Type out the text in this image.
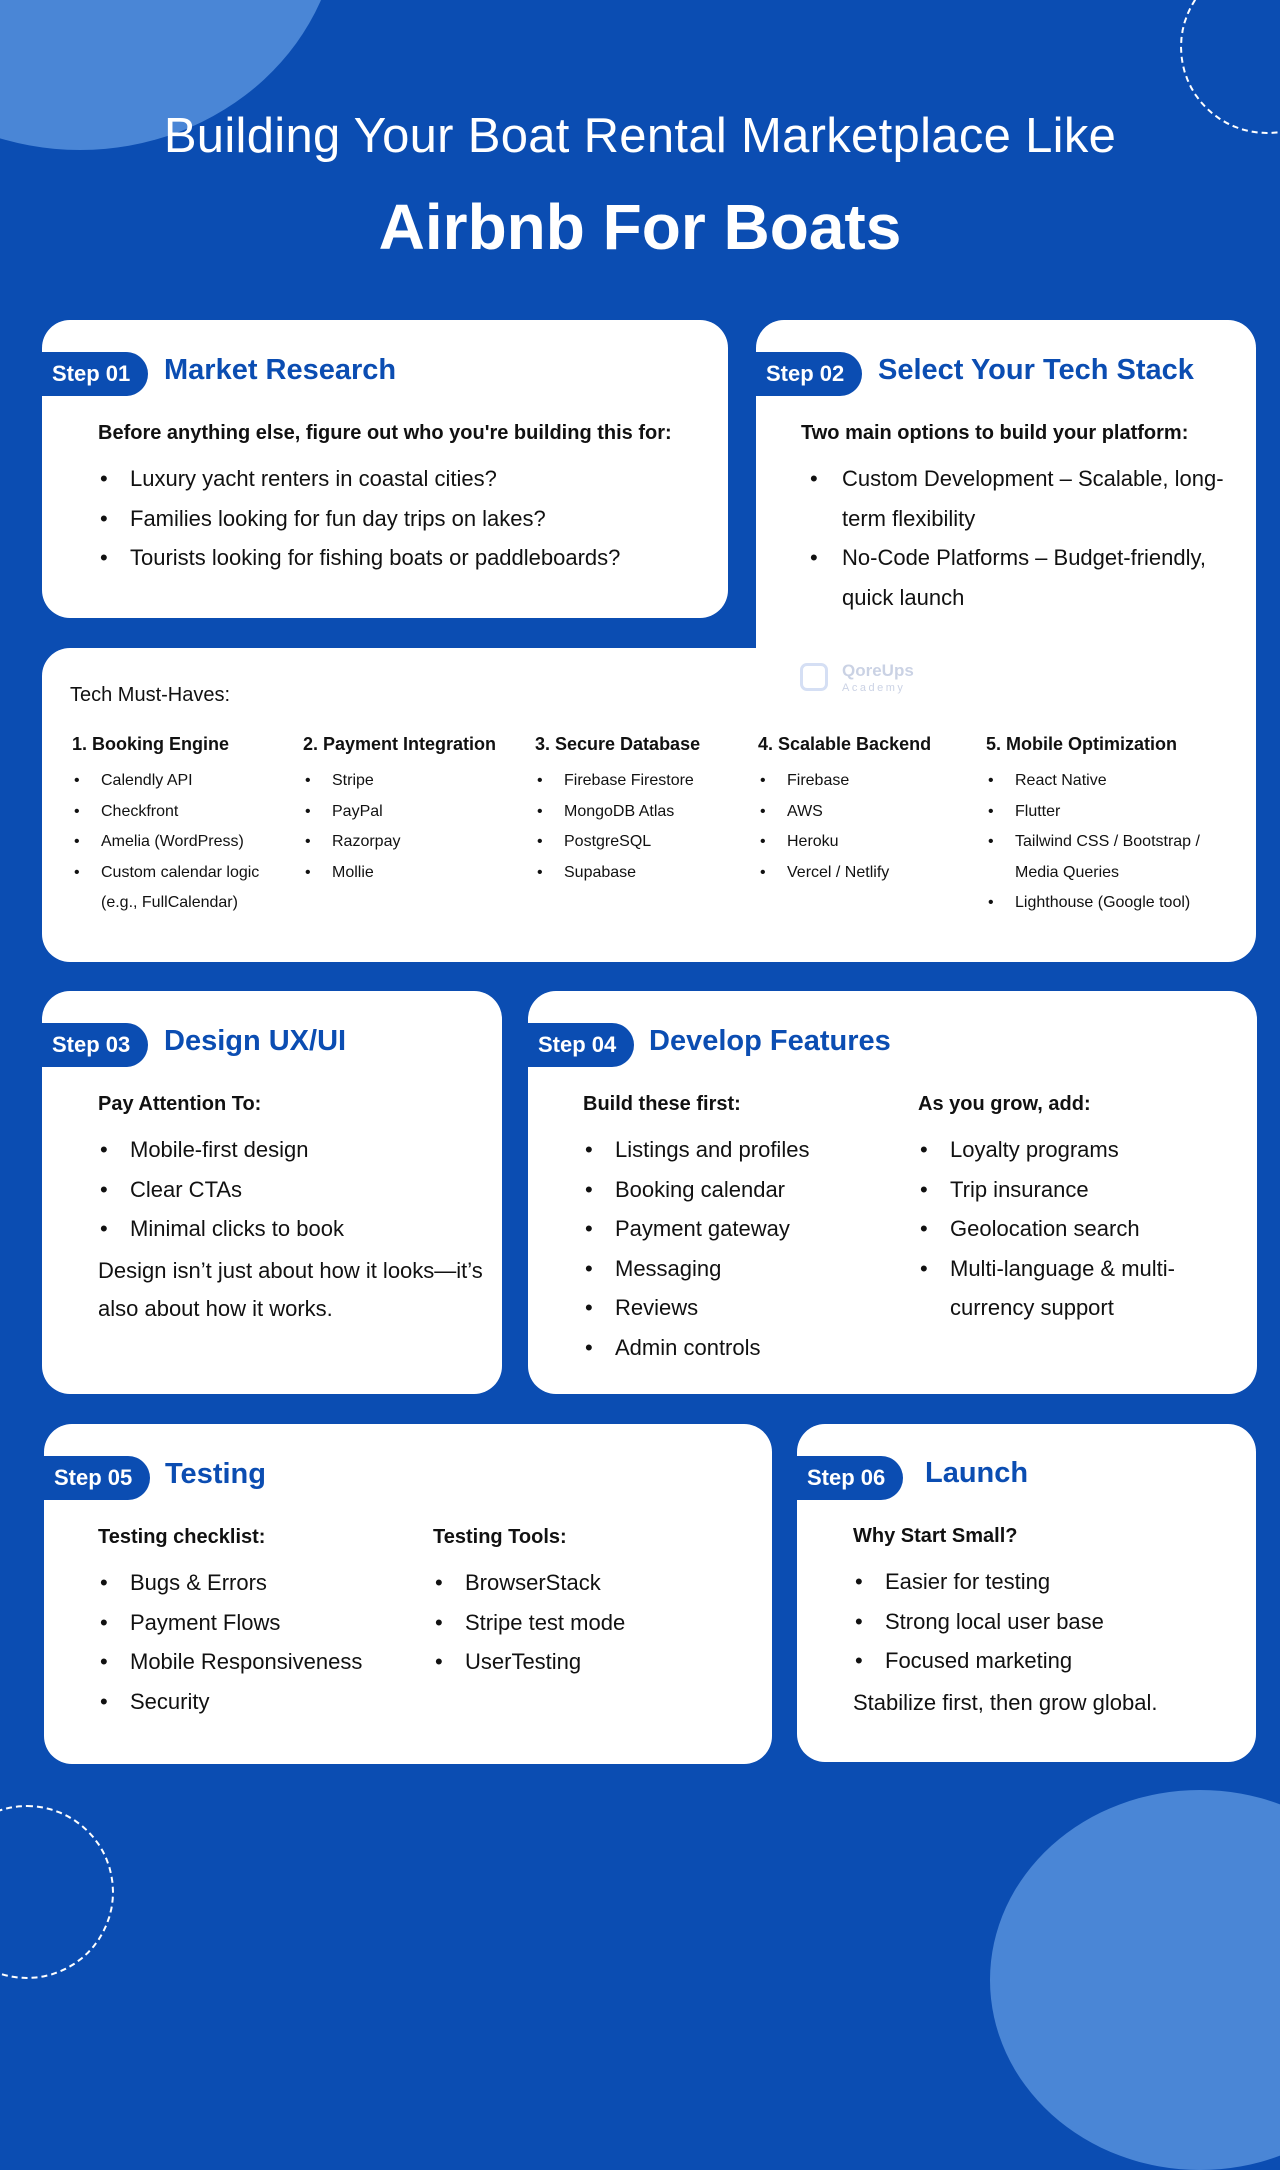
Building Your Boat Rental Marketplace Like
Airbnb For Boats
Step 01	Market Research
Before anything else, figure out who you're building this for:
• Luxury yacht renters in coastal cities?
• Families looking for fun day trips on lakes?
• Tourists looking for fishing boats or paddleboards?
Step 02	Select Your Tech Stack
Two main options to build your platform:
• Custom Development – Scalable, long-term flexibility
• No-Code Platforms – Budget-friendly, quick launch
Tech Must-Haves:
1. Booking Engine
• Calendly API
• Checkfront
• Amelia (WordPress)
• Custom calendar logic (e.g., FullCalendar)
2. Payment Integration
• Stripe
• PayPal
• Razorpay
• Mollie
3. Secure Database
• Firebase Firestore
• MongoDB Atlas
• PostgreSQL
• Supabase
4. Scalable Backend
• Firebase
• AWS
• Heroku
• Vercel / Netlify
5. Mobile Optimization
• React Native
• Flutter
• Tailwind CSS / Bootstrap / Media Queries
• Lighthouse (Google tool)
QoreUps
Academy
Step 03	Design UX/UI
Pay Attention To:
• Mobile-first design
• Clear CTAs
• Minimal clicks to book
Design isn’t just about how it looks—it’s also about how it works.
Step 04	Develop Features
Build these first:
• Listings and profiles
• Booking calendar
• Payment gateway
• Messaging
• Reviews
• Admin controls
As you grow, add:
• Loyalty programs
• Trip insurance
• Geolocation search
• Multi-language & multi-currency support
Step 05	Testing
Testing checklist:
• Bugs & Errors
• Payment Flows
• Mobile Responsiveness
• Security
Testing Tools:
• BrowserStack
• Stripe test mode
• UserTesting
Step 06	Launch
Why Start Small?
• Easier for testing
• Strong local user base
• Focused marketing
Stabilize first, then grow global.
